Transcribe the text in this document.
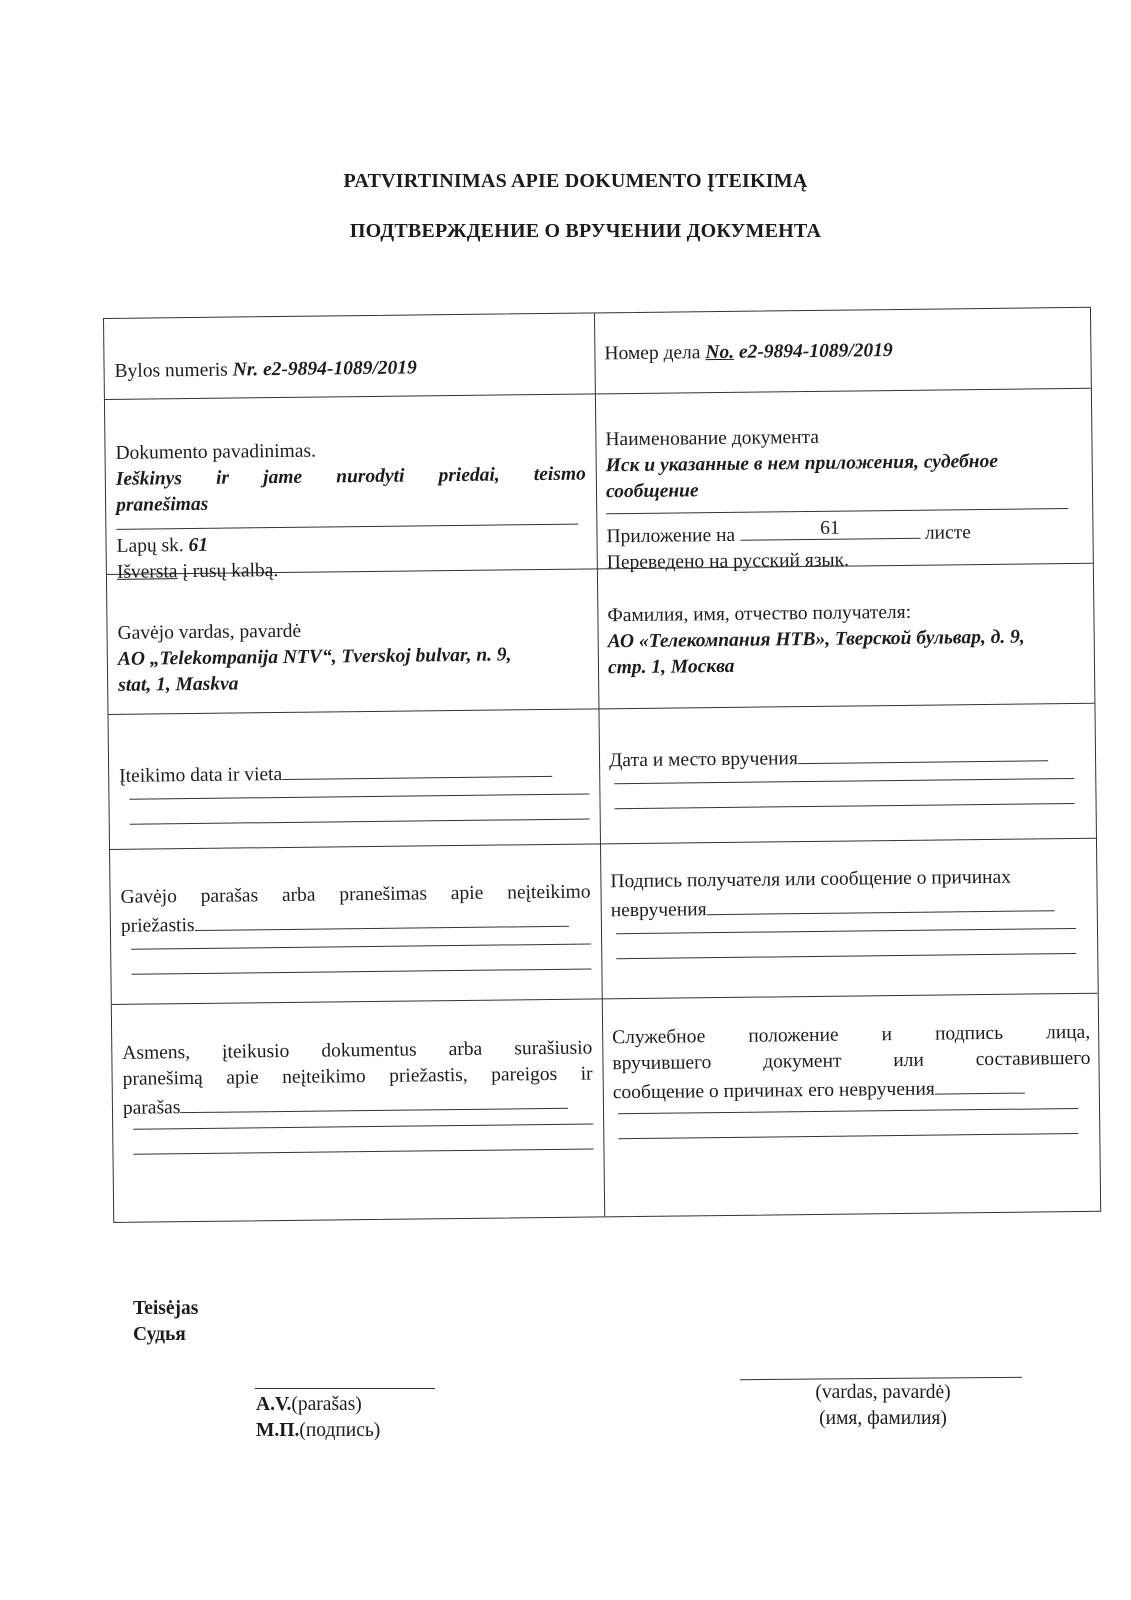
PATVIRTINIMAS APIE DOKUMENTO ĮTEIKIMĄ
ПОДТВЕРЖДЕНИЕ О ВРУЧЕНИИ ДОКУМЕНТА
Bylos numeris Nr. e2-9894-1089/2019
Номер дела No. e2-9894-1089/2019
Dokumento pavadinimas.
Ieškinys ir jame nurodyti priedai, teismo
pranešimas
Lapų sk. 61
Išversta į rusų kalbą.
Наименование документа
Иск и указанные в нем приложения, судебное
сообщение
Приложение на	61	листе
Переведено на русский язык.
Gavėjo vardas, pavardė
AO „Telekompanija NTV“, Tverskoj bulvar, n. 9,
stat, 1, Maskva
Фамилия, имя, отчество получателя:
АО «Телекомпания НТВ», Тверской бульвар, д. 9,
стр. 1, Москва
Įteikimo data ir vieta
Дата и место вручения
Gavėjo parašas arba pranešimas apie neįteikimo
priežastis
Подпись получателя или сообщение о причинах
невручения
Asmens, įteikusio dokumentus arba surašiusio
pranešimą apie neįteikimo priežastis, pareigos ir
parašas
Служебное положение и подпись лица,
вручившего документ или составившего
сообщение о причинах его невручения
Teisėjas
Судья
A.V.(parašas)
М.П.(подпись)
(vardas, pavardė)
(имя, фамилия)
